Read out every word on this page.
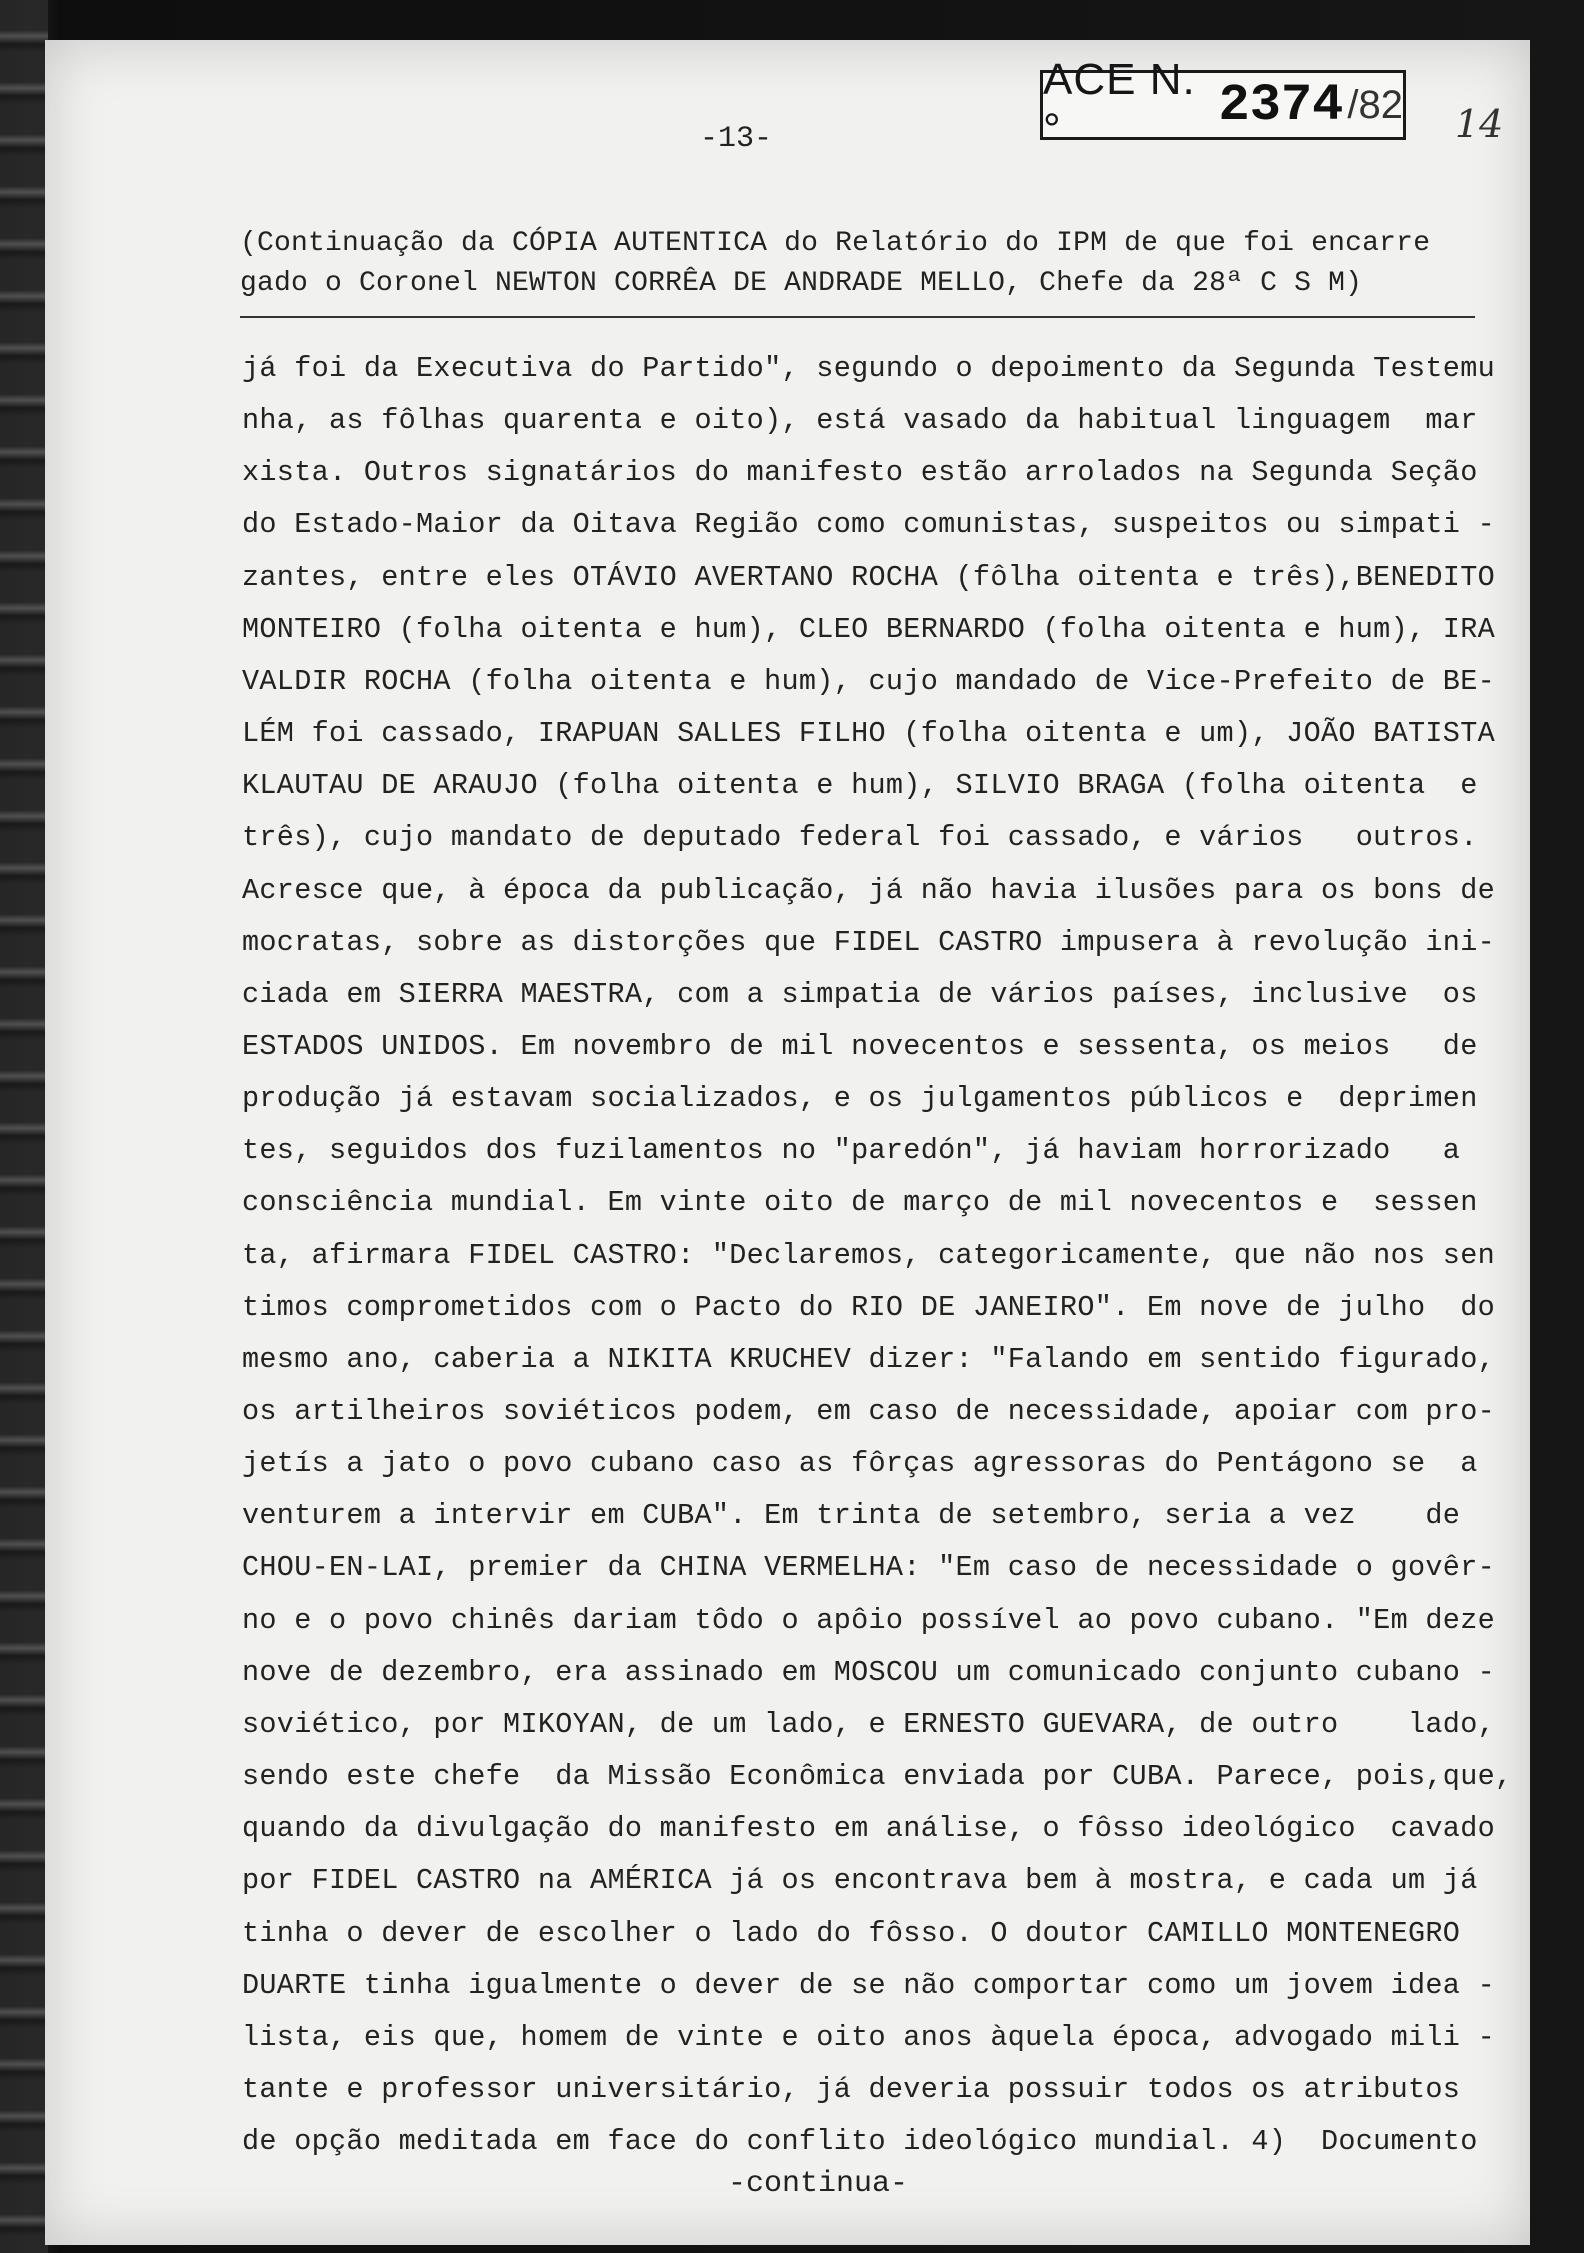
ACE N.°	2374 / 82 14
-13-
(Continuação da CÓPIA AUTENTICA do Relatório do IPM de que foi encarre
gado o Coronel NEWTON CORRÊA DE ANDRADE MELLO, Chefe da 28ª C S M)
já foi da Executiva do Partido", segundo o depoimento da Segunda Testemu
nha, as fôlhas quarenta e oito), está vasado da habitual linguagem  mar
xista. Outros signatários do manifesto estão arrolados na Segunda Seção
do Estado-Maior da Oitava Região como comunistas, suspeitos ou simpati -
zantes, entre eles OTÁVIO AVERTANO ROCHA (fôlha oitenta e três),BENEDITO
MONTEIRO (folha oitenta e hum), CLEO BERNARDO (folha oitenta e hum), IRA
VALDIR ROCHA (folha oitenta e hum), cujo mandado de Vice-Prefeito de BE-
LÉM foi cassado, IRAPUAN SALLES FILHO (folha oitenta e um), JOÃO BATISTA
KLAUTAU DE ARAUJO (folha oitenta e hum), SILVIO BRAGA (folha oitenta  e
três), cujo mandato de deputado federal foi cassado, e vários   outros.
Acresce que, à época da publicação, já não havia ilusões para os bons de
mocratas, sobre as distorções que FIDEL CASTRO impusera à revolução ini-
ciada em SIERRA MAESTRA, com a simpatia de vários países, inclusive  os
ESTADOS UNIDOS. Em novembro de mil novecentos e sessenta, os meios   de
produção já estavam socializados, e os julgamentos públicos e  deprimen
tes, seguidos dos fuzilamentos no "paredón", já haviam horrorizado   a
consciência mundial. Em vinte oito de março de mil novecentos e  sessen
ta, afirmara FIDEL CASTRO: "Declaremos, categoricamente, que não nos sen
timos comprometidos com o Pacto do RIO DE JANEIRO". Em nove de julho  do
mesmo ano, caberia a NIKITA KRUCHEV dizer: "Falando em sentido figurado,
os artilheiros soviéticos podem, em caso de necessidade, apoiar com pro-
jetís a jato o povo cubano caso as fôrças agressoras do Pentágono se  a
venturem a intervir em CUBA". Em trinta de setembro, seria a vez    de
CHOU-EN-LAI, premier da CHINA VERMELHA: "Em caso de necessidade o govêr-
no e o povo chinês dariam tôdo o apôio possível ao povo cubano. "Em deze
nove de dezembro, era assinado em MOSCOU um comunicado conjunto cubano -
soviético, por MIKOYAN, de um lado, e ERNESTO GUEVARA, de outro    lado,
sendo este chefe  da Missão Econômica enviada por CUBA. Parece, pois,que,
quando da divulgação do manifesto em análise, o fôsso ideológico  cavado
por FIDEL CASTRO na AMÉRICA já os encontrava bem à mostra, e cada um já
tinha o dever de escolher o lado do fôsso. O doutor CAMILLO MONTENEGRO
DUARTE tinha igualmente o dever de se não comportar como um jovem idea -
lista, eis que, homem de vinte e oito anos àquela época, advogado mili -
tante e professor universitário, já deveria possuir todos os atributos
de opção meditada em face do conflito ideológico mundial. 4)  Documento
-continua-
